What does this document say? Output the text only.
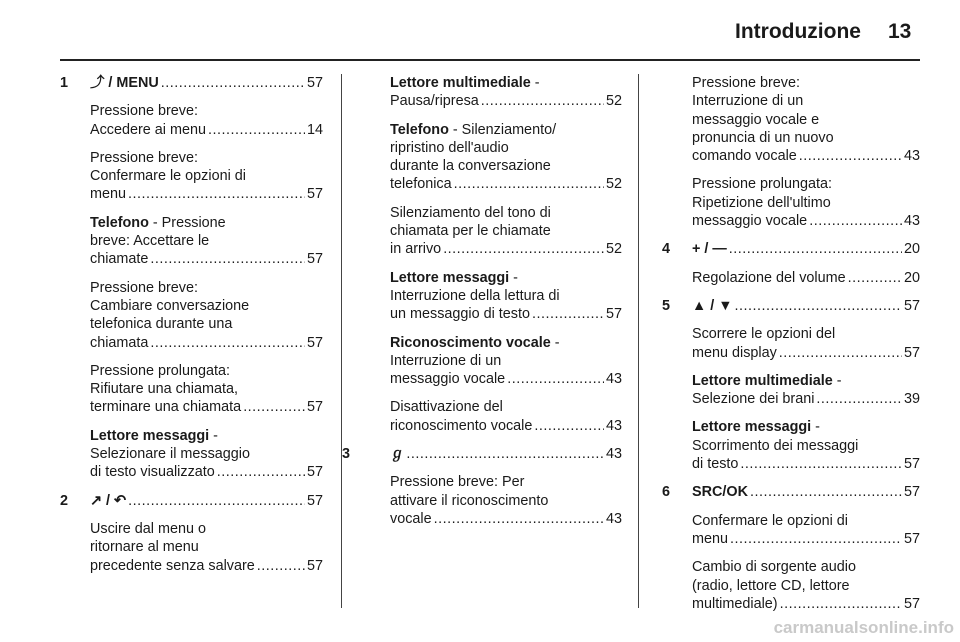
Introduzione 13
1 ⤴ / MENU .....	57
Pressione breve:
Accedere ai menu .....	14
Pressione breve:
Confermare le opzioni di
menu .....	57
Telefono - Pressione
breve: Accettare le
chiamate .....	57
Pressione breve:
Cambiare conversazione
telefonica durante una
chiamata .....	57
Pressione prolungata:
Rifiutare una chiamata,
terminare una chiamata .....	57
Lettore messaggi -
Selezionare il messaggio
di testo visualizzato .....	57
2 ↗ / ↶ .....	57
Uscire dal menu o
ritornare al menu
precedente senza salvare .....	57
Lettore multimediale -
Pausa/ripresa .....	52
Telefono - Silenziamento/
ripristino dell'audio
durante la conversazione
telefonica .....	52
Silenziamento del tono di
chiamata per le chiamate
in arrivo .....	52
Lettore messaggi -
Interruzione della lettura di
un messaggio di testo .....	57
Riconoscimento vocale -
Interruzione di un
messaggio vocale .....	43
Disattivazione del
riconoscimento vocale .....	43
3	ℊ .....	43
Pressione breve: Per
attivare il riconoscimento
vocale .....	43
Pressione breve:
Interruzione di un
messaggio vocale e
pronuncia di un nuovo
comando vocale .....	43
Pressione prolungata:
Ripetizione dell'ultimo
messaggio vocale .....	43
4 + / — .....	20
Regolazione del volume .....	20
5 ▲ / ▼ .....	57
Scorrere le opzioni del
menu display .....	57
Lettore multimediale -
Selezione dei brani .....	39
Lettore messaggi -
Scorrimento dei messaggi
di testo .....	57
6 SRC/OK .....	57
Confermare le opzioni di
menu .....	57
Cambio di sorgente audio
(radio, lettore CD, lettore
multimediale) .....	57
carmanualsonline.info
